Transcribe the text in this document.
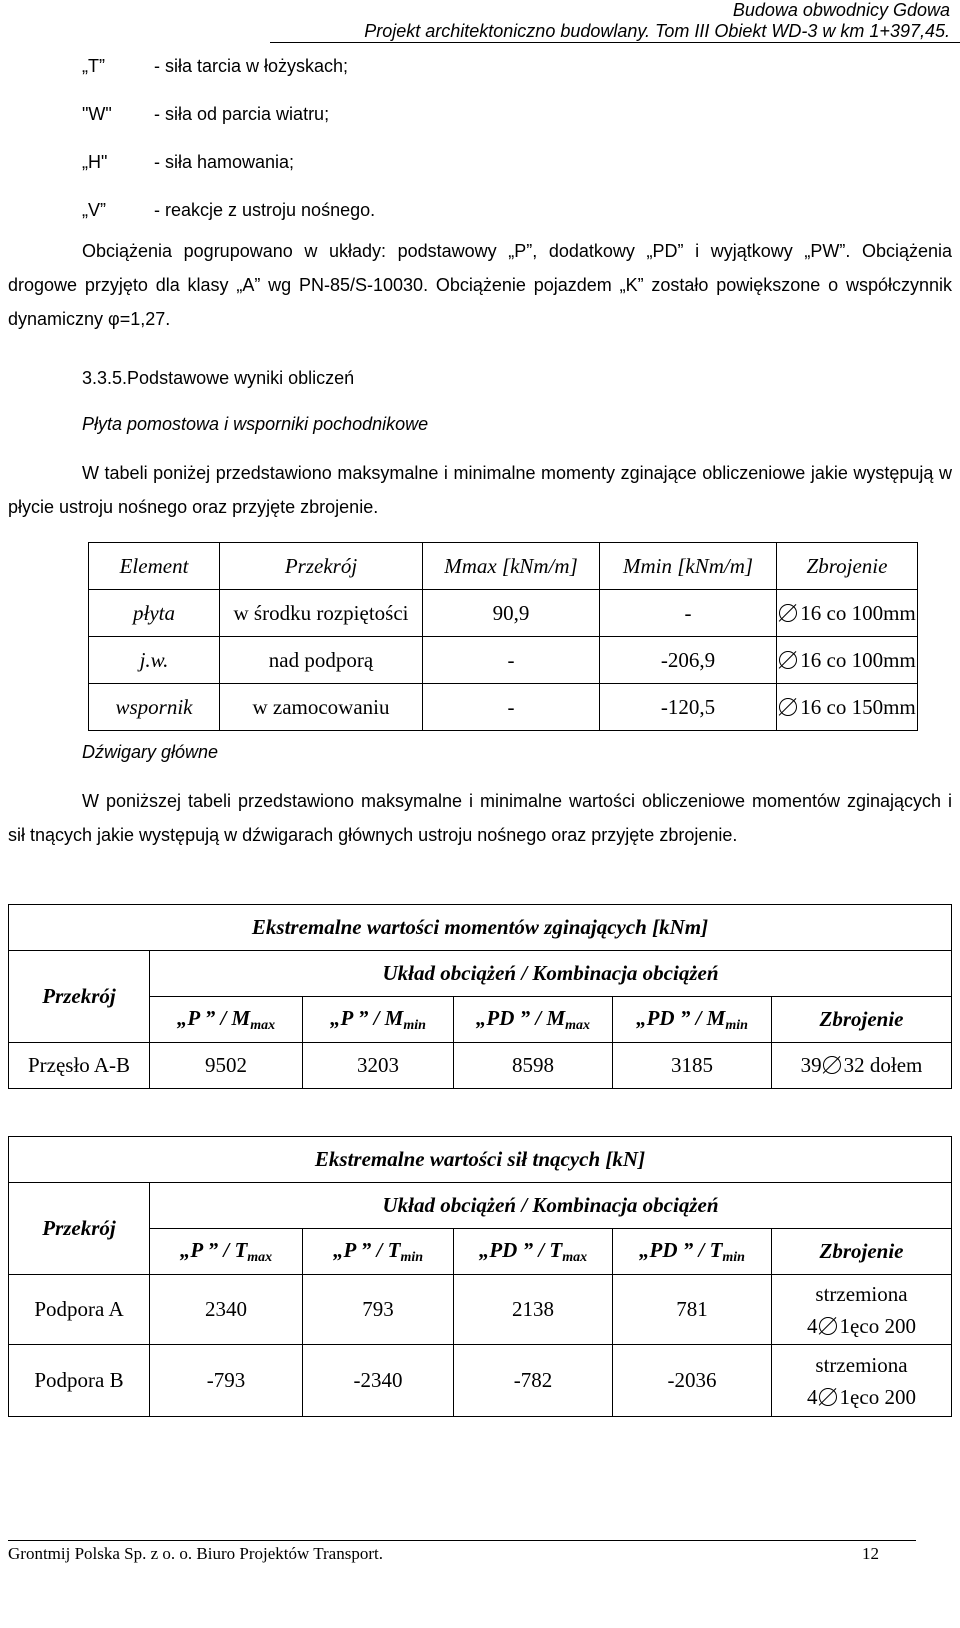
Budowa obwodnicy Gdowa
Projekt architektoniczno budowlany. Tom III Obiekt WD-3 w km 1+397,45.
„T”	- siła tarcia w łożyskach;
"W"	- siła od parcia wiatru;
„H"	- siła hamowania;
„V”	- reakcje z ustroju nośnego.
Obciążenia pogrupowano w układy: podstawowy „P”, dodatkowy „PD” i wyjątkowy „PW”. Obciążenia drogowe przyjęto dla klasy „A” wg PN-85/S-10030. Obciążenie pojazdem „K” zostało powiększone o współczynnik dynamiczny φ=1,27.
3.3.5.Podstawowe wyniki obliczeń
Płyta pomostowa i wsporniki pochodnikowe
W tabeli poniżej przedstawiono maksymalne i minimalne momenty zginające obliczeniowe jakie występują w płycie ustroju nośnego oraz przyjęte zbrojenie.
Element	Przekrój	Mmax [kNm/m]	Mmin [kNm/m]	Zbrojenie
płyta	w środku rozpiętości	90,9	-	16 co 100mm
j.w.	nad podporą	-	-206,9	16 co 100mm
wspornik	w zamocowaniu	-	-120,5	16 co 150mm
Dźwigary główne
W poniższej tabeli przedstawiono maksymalne i minimalne wartości obliczeniowe momentów zginających i sił tnących jakie występują w dźwigarach głównych ustroju nośnego oraz przyjęte zbrojenie.
Ekstremalne wartości momentów zginających [kNm]					
Przekrój	Układ obciążeń / Kombinacja obciążeń				
	„P ” / $M_{max}$	„P ” / $M_{min}$	„PD ” / $M_{max}$	„PD ” / $M_{min}$	Zbrojenie
Przęsło A-B	9502	3203	8598	3185	39 32 dołem
Ekstremalne wartości sił tnących [kN]					
Przekrój	Układ obciążeń / Kombinacja obciążeń				
	„P ” / $T_{max}$	„P ” / $T_{min}$	„PD ” / $T_{max}$	„PD ” / $T_{min}$	Zbrojenie
Podpora A	2340	793	2138	781	strzemiona
4 1ęco 200

Podpora B	-793	-2340	-782	-2036	strzemiona
4 1ęco 200
Grontmij Polska Sp. z o. o. Biuro Projektów Transport.	12
